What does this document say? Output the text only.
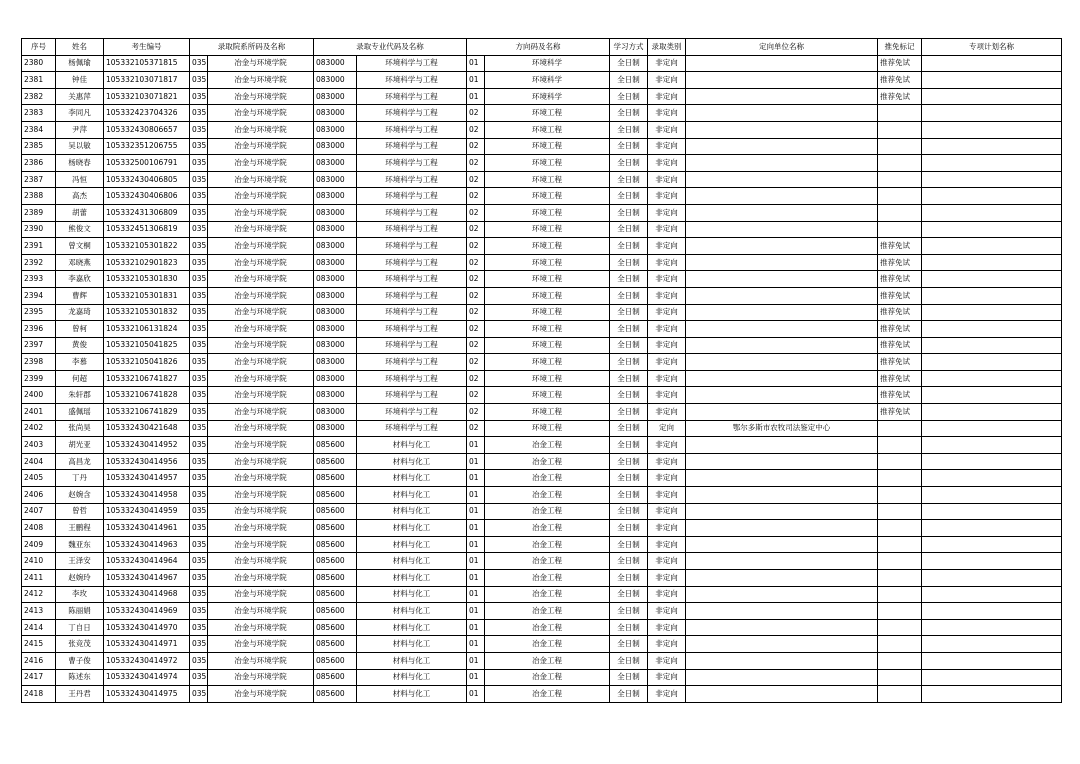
序号	姓名	考生编号	录取院系所码及名称		录取专业代码及名称		方向码及名称		学习方式	录取类别	定向单位名称	推免标记	专项计划名称
2380	杨佩瑜	105332105371815	035	冶金与环境学院	083000	环境科学与工程	01	环境科学	全日制	非定向		推荐免试	
2381	钟佳	105332103071817	035	冶金与环境学院	083000	环境科学与工程	01	环境科学	全日制	非定向		推荐免试	
2382	关惠萍	105332103071821	035	冶金与环境学院	083000	环境科学与工程	01	环境科学	全日制	非定向		推荐免试	
2383	李同凡	105332423704326	035	冶金与环境学院	083000	环境科学与工程	02	环境工程	全日制	非定向			
2384	尹萍	105332430806657	035	冶金与环境学院	083000	环境科学与工程	02	环境工程	全日制	非定向			
2385	吴以敏	105332351206755	035	冶金与环境学院	083000	环境科学与工程	02	环境工程	全日制	非定向			
2386	杨晓春	105332500106791	035	冶金与环境学院	083000	环境科学与工程	02	环境工程	全日制	非定向			
2387	冯恒	105332430406805	035	冶金与环境学院	083000	环境科学与工程	02	环境工程	全日制	非定向			
2388	高杰	105332430406806	035	冶金与环境学院	083000	环境科学与工程	02	环境工程	全日制	非定向			
2389	胡蕾	105332431306809	035	冶金与环境学院	083000	环境科学与工程	02	环境工程	全日制	非定向			
2390	熊俊文	105332451306819	035	冶金与环境学院	083000	环境科学与工程	02	环境工程	全日制	非定向			
2391	曾文桐	105332105301822	035	冶金与环境学院	083000	环境科学与工程	02	环境工程	全日制	非定向		推荐免试	
2392	邓晓燕	105332102901823	035	冶金与环境学院	083000	环境科学与工程	02	环境工程	全日制	非定向		推荐免试	
2393	李嘉欣	105332105301830	035	冶金与环境学院	083000	环境科学与工程	02	环境工程	全日制	非定向		推荐免试	
2394	曹辉	105332105301831	035	冶金与环境学院	083000	环境科学与工程	02	环境工程	全日制	非定向		推荐免试	
2395	龙嘉琦	105332105301832	035	冶金与环境学院	083000	环境科学与工程	02	环境工程	全日制	非定向		推荐免试	
2396	曾柯	105332106131824	035	冶金与环境学院	083000	环境科学与工程	02	环境工程	全日制	非定向		推荐免试	
2397	黄俊	105332105041825	035	冶金与环境学院	083000	环境科学与工程	02	环境工程	全日制	非定向		推荐免试	
2398	李慕	105332105041826	035	冶金与环境学院	083000	环境科学与工程	02	环境工程	全日制	非定向		推荐免试	
2399	何超	105332106741827	035	冶金与环境学院	083000	环境科学与工程	02	环境工程	全日制	非定向		推荐免试	
2400	朱轩郡	105332106741828	035	冶金与环境学院	083000	环境科学与工程	02	环境工程	全日制	非定向		推荐免试	
2401	盛佩瑶	105332106741829	035	冶金与环境学院	083000	环境科学与工程	02	环境工程	全日制	非定向		推荐免试	
2402	张尚昊	105332430421648	035	冶金与环境学院	083000	环境科学与工程	02	环境工程	全日制	定向	鄂尔多斯市农牧司法鉴定中心		
2403	胡光亚	105332430414952	035	冶金与环境学院	085600	材料与化工	01	冶金工程	全日制	非定向			
2404	高昌龙	105332430414956	035	冶金与环境学院	085600	材料与化工	01	冶金工程	全日制	非定向			
2405	丁丹	105332430414957	035	冶金与环境学院	085600	材料与化工	01	冶金工程	全日制	非定向			
2406	赵婉含	105332430414958	035	冶金与环境学院	085600	材料与化工	01	冶金工程	全日制	非定向			
2407	曾哲	105332430414959	035	冶金与环境学院	085600	材料与化工	01	冶金工程	全日制	非定向			
2408	王鹏程	105332430414961	035	冶金与环境学院	085600	材料与化工	01	冶金工程	全日制	非定向			
2409	魏亚东	105332430414963	035	冶金与环境学院	085600	材料与化工	01	冶金工程	全日制	非定向			
2410	王泽安	105332430414964	035	冶金与环境学院	085600	材料与化工	01	冶金工程	全日制	非定向			
2411	赵婉玲	105332430414967	035	冶金与环境学院	085600	材料与化工	01	冶金工程	全日制	非定向			
2412	李玫	105332430414968	035	冶金与环境学院	085600	材料与化工	01	冶金工程	全日制	非定向			
2413	陈丽娟	105332430414969	035	冶金与环境学院	085600	材料与化工	01	冶金工程	全日制	非定向			
2414	丁自日	105332430414970	035	冶金与环境学院	085600	材料与化工	01	冶金工程	全日制	非定向			
2415	张竞茂	105332430414971	035	冶金与环境学院	085600	材料与化工	01	冶金工程	全日制	非定向			
2416	曹子俊	105332430414972	035	冶金与环境学院	085600	材料与化工	01	冶金工程	全日制	非定向			
2417	陈述东	105332430414974	035	冶金与环境学院	085600	材料与化工	01	冶金工程	全日制	非定向			
2418	王丹君	105332430414975	035	冶金与环境学院	085600	材料与化工	01	冶金工程	全日制	非定向			
